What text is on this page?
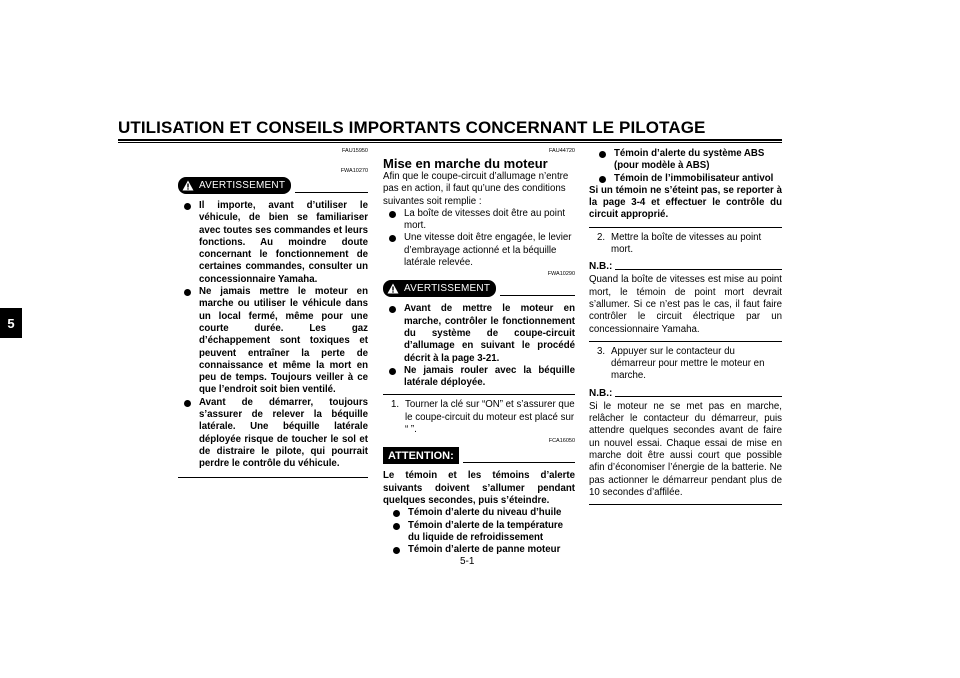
UTILISATION ET CONSEILS IMPORTANTS CONCERNANT LE PILOTAGE
5
FAU15950
FWA10270
AVERTISSEMENT
Il importe, avant d’utiliser le véhicule, de bien se familiariser avec toutes ses commandes et leurs fonctions. Au moindre doute concernant le fonctionnement de certaines commandes, consulter un concessionnaire Yamaha.
Ne jamais mettre le moteur en marche ou utiliser le véhicule dans un local fermé, même pour une courte durée. Les gaz d’échappement sont toxiques et peuvent entraîner la perte de connaissance et même la mort en peu de temps. Toujours veiller à ce que l’endroit soit bien ventilé.
Avant de démarrer, toujours s’assurer de relever la béquille latérale. Une béquille latérale déployée risque de toucher le sol et de distraire le pilote, qui pourrait perdre le contrôle du véhicule.
FAU44720
Mise en marche du moteur
Afin que le coupe-circuit d’allumage n’entre pas en action, il faut qu’une des conditions suivantes soit remplie :
La boîte de vitesses doit être au point mort.
Une vitesse doit être engagée, le levier d’embrayage actionné et la béquille latérale relevée.
FWA10290
AVERTISSEMENT
Avant de mettre le moteur en marche, contrôler le fonctionnement du système de coupe-circuit d’allumage en suivant le procédé décrit à la page 3-21.
Ne jamais rouler avec la béquille latérale déployée.
1. Tourner la clé sur “ON” et s’assurer que le coupe-circuit du moteur est placé sur “ ”.
FCA16050
ATTENTION:
Le témoin et les témoins d’alerte suivants doivent s’allumer pendant quelques secondes, puis s’éteindre.
Témoin d’alerte du niveau d’huile
Témoin d’alerte de la température du liquide de refroidissement
Témoin d’alerte de panne moteur
Témoin d’alerte du système ABS (pour modèle à ABS)
Témoin de l’immobilisateur antivol
Si un témoin ne s’éteint pas, se reporter à la page 3-4 et effectuer le contrôle du circuit approprié.
2. Mettre la boîte de vitesses au point mort.
N.B.:
Quand la boîte de vitesses est mise au point mort, le témoin de point mort devrait s’allumer. Si ce n’est pas le cas, il faut faire contrôler le circuit électrique par un concessionnaire Yamaha.
3. Appuyer sur le contacteur du démarreur pour mettre le moteur en marche.
N.B.:
Si le moteur ne se met pas en marche, relâcher le contacteur du démarreur, puis attendre quelques secondes avant de faire un nouvel essai. Chaque essai de mise en marche doit être aussi court que possible afin d’économiser l’énergie de la batterie. Ne pas actionner le démarreur pendant plus de 10 secondes d’affilée.
5-1
